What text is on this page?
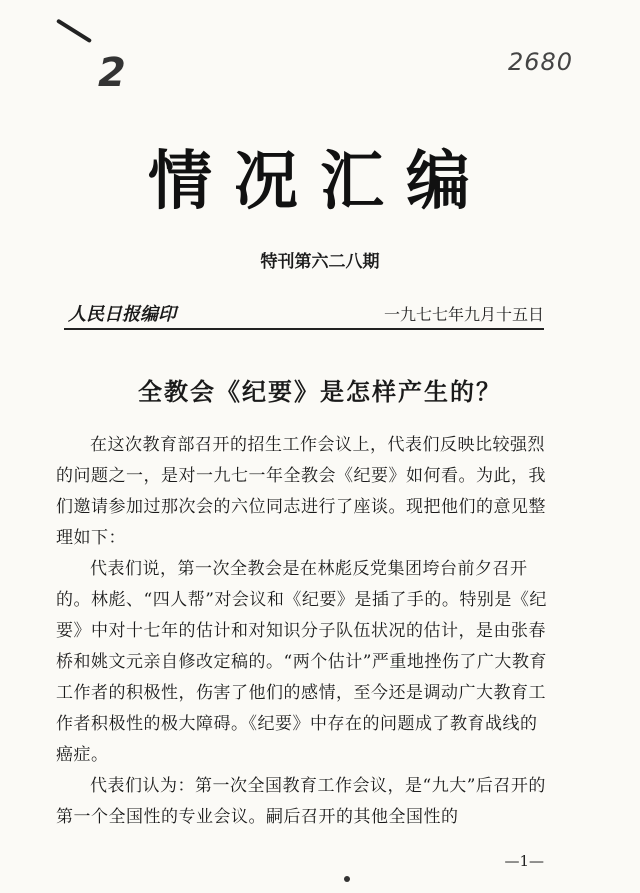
2	2680
情况汇编
特刊第六二八期
人民日报编印	一九七七年九月十五日
全教会《纪要》是怎样产生的？

在这次教育部召开的招生工作会议上，代表们反映比较强烈的问题之一，是对一九七一年全教会《纪要》如何看。为此，我们邀请参加过那次会的六位同志进行了座谈。现把他们的意见整理如下：

代表们说，第一次全教会是在林彪反党集团垮台前夕召开的。林彪、“四人帮”对会议和《纪要》是插了手的。特别是《纪要》中对十七年的估计和对知识分子队伍状况的估计，是由张春桥和姚文元亲自修改定稿的。“两个估计”严重地挫伤了广大教育工作者的积极性，伤害了他们的感情，至今还是调动广大教育工作者积极性的极大障碍。《纪要》中存在的问题成了教育战线的癌症。

代表们认为：第一次全国教育工作会议，是“九大”后召开的第一个全国性的专业会议。嗣后召开的其他全国性的

—1—
